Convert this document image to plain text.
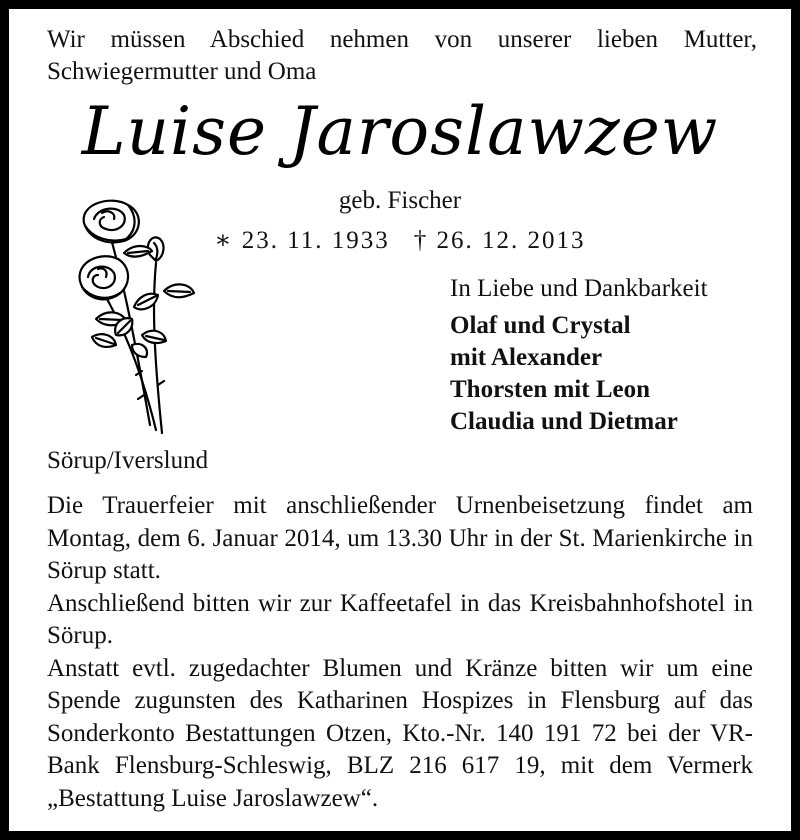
Wir müssen Abschied nehmen von unserer lieben Mutter, Schwiegermutter und Oma
Luise Jaroslawzew
geb. Fischer
∗ 23. 11. 1933 † 26. 12. 2013
In Liebe und Dankbarkeit
Olaf und Crystal
mit Alexander
Thorsten mit Leon
Claudia und Dietmar
Sörup/Iverslund

Die Trauerfeier mit anschließender Urnenbeisetzung findet am Montag, dem 6. Januar 2014, um 13.30 Uhr in der St. Marienkirche in Sörup statt.

Anschließend bitten wir zur Kaffeetafel in das Kreisbahnhofshotel in Sörup.

Anstatt evtl. zugedachter Blumen und Kränze bitten wir um eine Spende zugunsten des Katharinen Hospizes in Flensburg auf das Sonderkonto Bestattungen Otzen, Kto.-Nr. 140 191 72 bei der VR-Bank Flensburg-Schleswig, BLZ 216 617 19, mit dem Vermerk „Bestattung Luise Jaroslawzew“.
